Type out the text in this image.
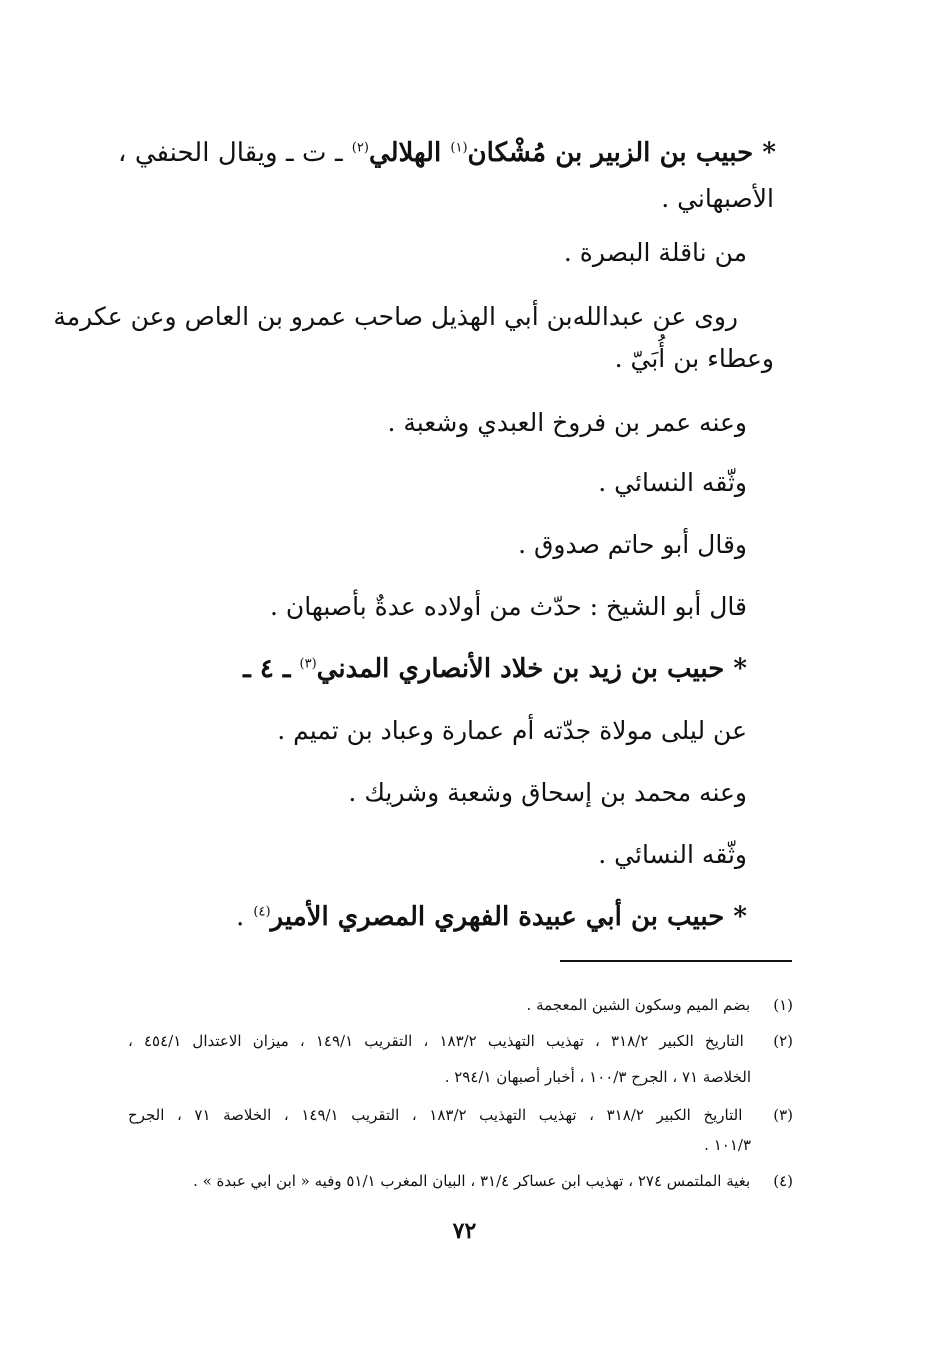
* حبيب بن الزبير بن مُشْكان$^{(١)}$ الهلالي$^{(٢)}$ ـ ت ـ ويقال الحنفي ،
الأصبهاني .
من ناقلة البصرة .
روى عن عبدالله‌بن أبي الهذيل صاحب عمرو بن العاص وعن عكرمة
وعطاء بن أُبَيّ .
وعنه عمر بن فروخ العبدي وشعبة .
وثّقه النسائي .
وقال أبو حاتم صدوق .
قال أبو الشيخ : حدّث من أولاده عدةٌ بأصبهان .
* حبيب بن زيد بن خلاد الأنصاري المدني$^{(٣)}$ ـ ٤ ـ
عن ليلى مولاة جدّته أم عمارة وعباد بن تميم .
وعنه محمد بن إسحاق وشعبة وشريك .
وثّقه النسائي .
* حبيب بن أبي عبيدة الفهري المصري الأمير$^{(٤)}$ .
(١) بضم الميم وسكون الشين المعجمة .
(٢) التاريخ الكبير ٣١٨/٢ ، تهذيب التهذيب ١٨٣/٢ ، التقريب ١٤٩/١ ، ميزان الاعتدال ٤٥٤/١ ،
الخلاصة ٧١ ، الجرح ١٠٠/٣ ، أخبار أصبهان ٢٩٤/١ .
(٣) التاريخ الكبير ٣١٨/٢ ، تهذيب التهذيب ١٨٣/٢ ، التقريب ١٤٩/١ ، الخلاصة ٧١ ، الجرح
١٠١/٣ .
(٤) بغية الملتمس ٢٧٤ ، تهذيب ابن عساكر ٣١/٤ ، البيان المغرب ٥١/١ وفيه « ابن ابي عبدة » .
٧٢
